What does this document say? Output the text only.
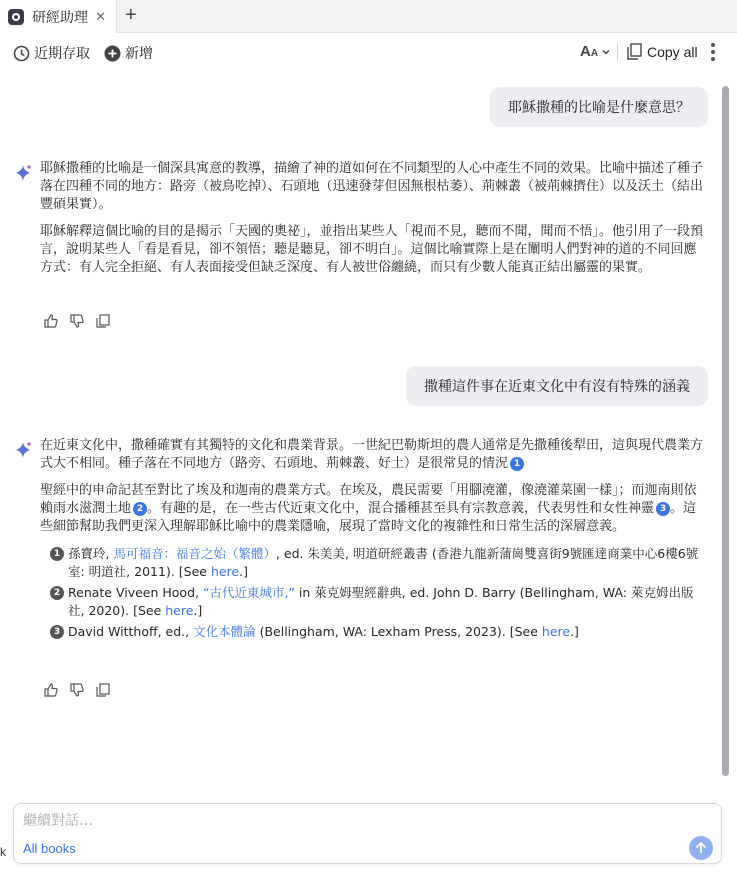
研經助理 ✕ +
近期存取	新增	A A	Copy all
耶穌撒種的比喻是什麼意思？

耶穌撒種的比喻是一個深具寓意的教導，描繪了神的道如何在不同類型的人心中產生不同的效果。比喻中描述了種子落在四種不同的地方：路旁（被鳥吃掉）、石頭地（迅速發芽但因無根枯萎）、荊棘叢（被荊棘擠住）以及沃土（結出豐碩果實）。

耶穌解釋這個比喻的目的是揭示「天國的奧祕」，並指出某些人「視而不見，聽而不聞，聞而不悟」。他引用了一段預言，說明某些人「看是看見，卻不領悟；聽是聽見，卻不明白」。這個比喻實際上是在闡明人們對神的道的不同回應方式：有人完全拒絕、有人表面接受但缺乏深度、有人被世俗纏繞，而只有少數人能真正結出屬靈的果實。

撒種這件事在近東文化中有沒有特殊的涵義

在近東文化中，撒種確實有其獨特的文化和農業背景。一世紀巴勒斯坦的農人通常是先撒種後犁田，這與現代農業方式大不相同。種子落在不同地方（路旁、石頭地、荊棘叢、好土）是很常見的情況 1

聖經中的申命記甚至對比了埃及和迦南的農業方式。在埃及，農民需要「用腳澆灌，像澆灌菜園一樣」；而迦南則依賴雨水滋潤土地 2 。有趣的是，在一些古代近東文化中，混合播種甚至具有宗教意義，代表男性和女性神靈 3 。這些細節幫助我們更深入理解耶穌比喻中的農業隱喻，展現了當時文化的複雜性和日常生活的深層意義。

1 孫寶玲, 馬可福音：福音之始（繁體）, ed. 朱美美, 明道研經叢書 (香港九龍新蒲崗雙喜街9號匯達商業中心6樓6號室: 明道社, 2011). [See here.]
2 Renate Viveen Hood, “古代近東城市,” in 萊克姆聖經辭典, ed. John D. Barry (Bellingham, WA: 萊克姆出版社, 2020). [See here.]
3 David Witthoff, ed., 文化本體論 (Bellingham, WA: Lexham Press, 2023). [See here.]
繼續對話…
All books
k
